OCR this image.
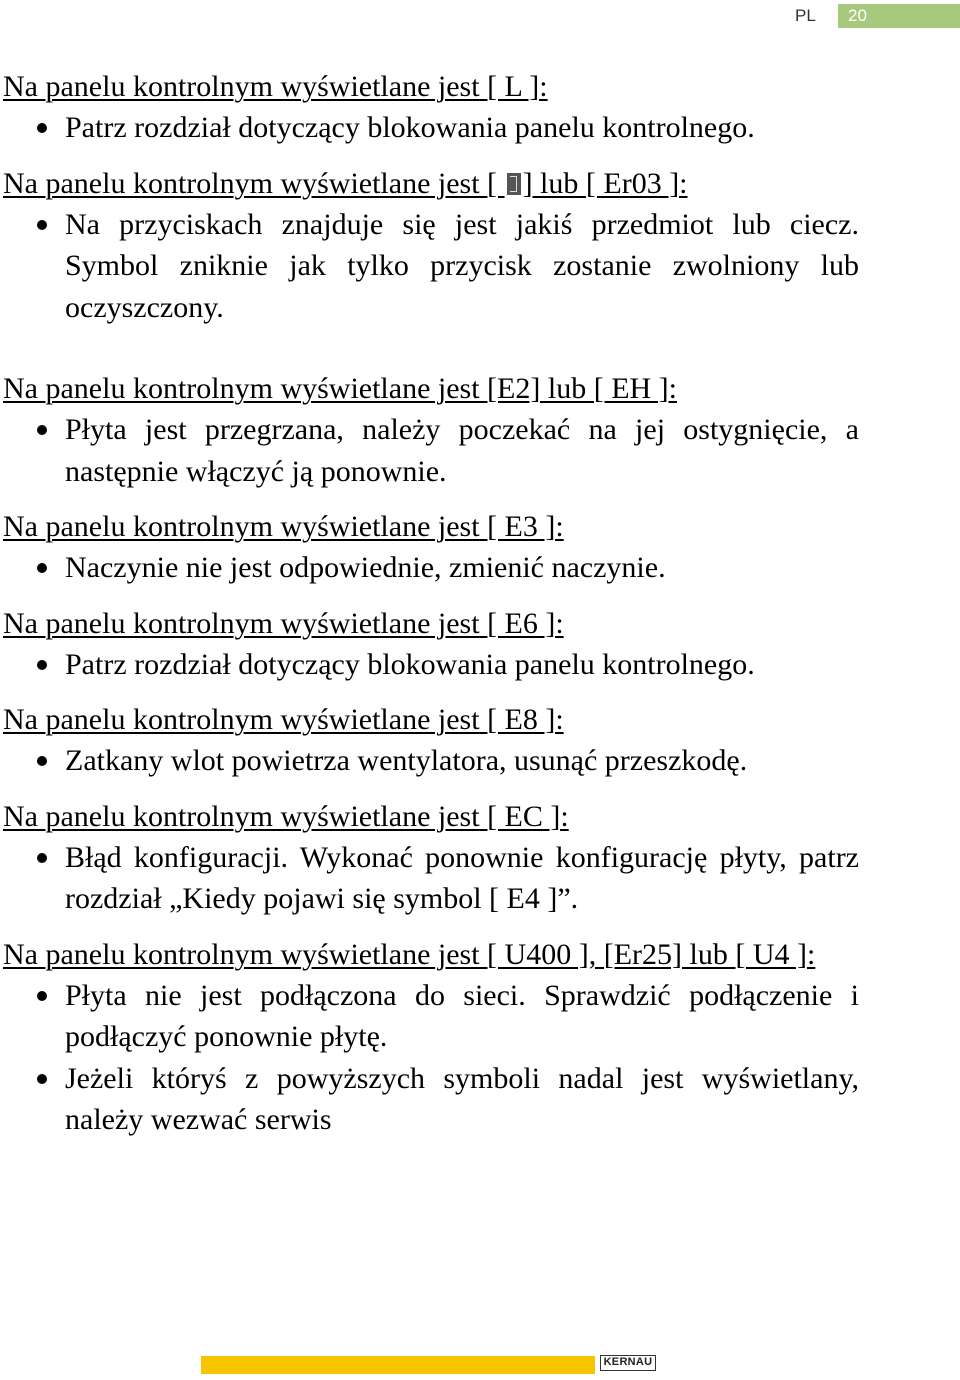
PL	20
Na panelu kontrolnym wyświetlane jest [ L ]:
Patrz rozdział dotyczący blokowania panelu kontrolnego.
Na panelu kontrolnym wyświetlane jest [ ] lub [ Er03 ]:
Na przyciskach znajduje się jest jakiś przedmiot lub ciecz. Symbol zniknie jak tylko przycisk zostanie zwolniony lub oczyszczony.
Na panelu kontrolnym wyświetlane jest [E2] lub [ EH ]:
Płyta jest przegrzana, należy poczekać na jej ostygnięcie, a następnie włączyć ją ponownie.
Na panelu kontrolnym wyświetlane jest [ E3 ]:
Naczynie nie jest odpowiednie, zmienić naczynie.
Na panelu kontrolnym wyświetlane jest [ E6 ]:
Patrz rozdział dotyczący blokowania panelu kontrolnego.
Na panelu kontrolnym wyświetlane jest [ E8 ]:
Zatkany wlot powietrza wentylatora, usunąć przeszkodę.
Na panelu kontrolnym wyświetlane jest [ EC ]:
Błąd konfiguracji. Wykonać ponownie konfigurację płyty, patrz rozdział „Kiedy pojawi się symbol [ E4 ]”.
Na panelu kontrolnym wyświetlane jest [ U400 ], [Er25] lub [ U4 ]:
Płyta nie jest podłączona do sieci. Sprawdzić podłączenie i podłączyć ponownie płytę.
Jeżeli któryś z powyższych symboli nadal jest wyświetlany, należy wezwać serwis
KERNAU
